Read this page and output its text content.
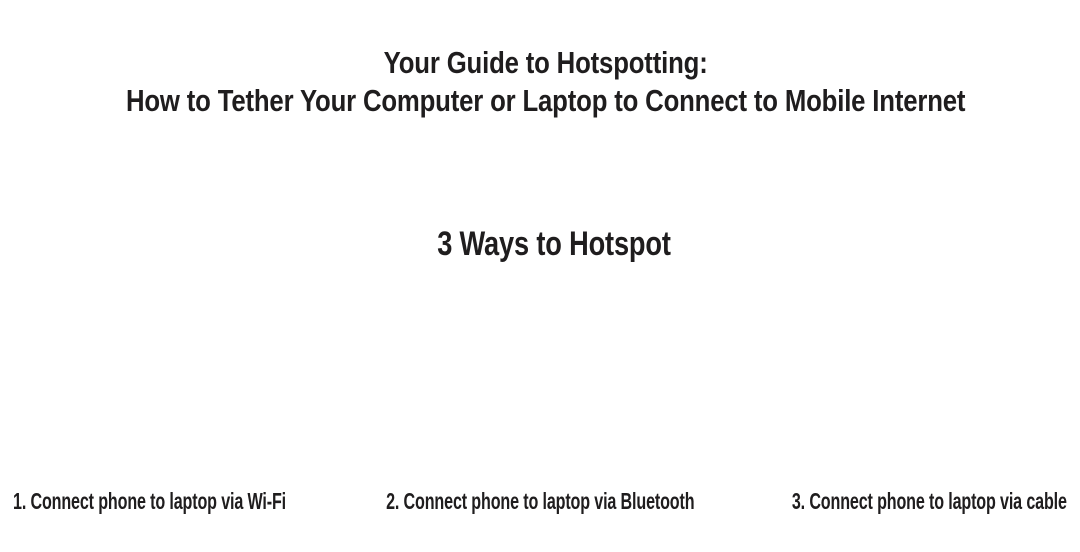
Your Guide to Hotspotting:
How to Tether Your Computer or Laptop to Connect to Mobile Internet
3 Ways to Hotspot
1. Connect phone to laptop via Wi-Fi	2. Connect phone to laptop via Bluetooth	3. Connect phone to laptop via cable
